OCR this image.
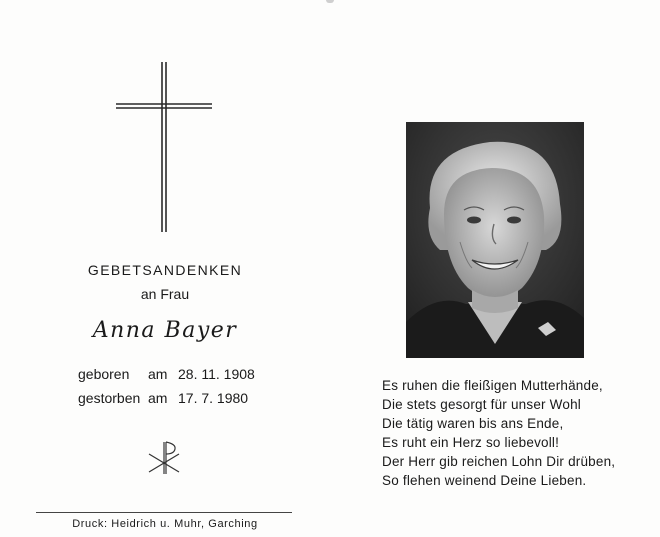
GEBETSANDENKEN
an Frau
Anna Bayer
geboren am 28. 11. 1908
gestorben am 17. 7. 1980
Druck: Heidrich u. Muhr, Garching
Es ruhen die fleißigen Mutterhände,
Die stets gesorgt für unser Wohl
Die tätig waren bis ans Ende,
Es ruht ein Herz so liebevoll!
Der Herr gib reichen Lohn Dir drüben,
So flehen weinend Deine Lieben.
